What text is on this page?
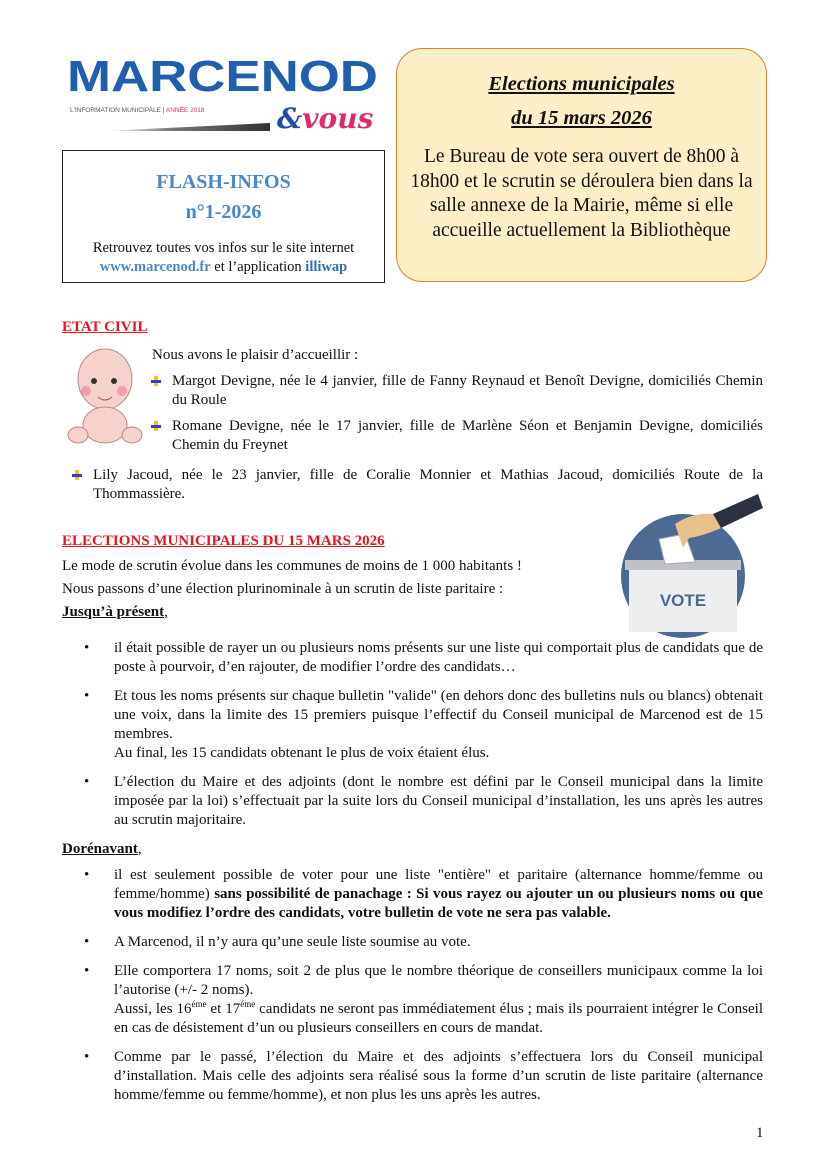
MARCENOD
L'INFORMATION MUNICIPALE | ANNÉE 2018	&vous
FLASH-INFOS
n°1-2026
Retrouvez toutes vos infos sur le site internet
www.marcenod.fr et l’application illiwap
Elections municipales
du 15 mars 2026
Le Bureau de vote sera ouvert de 8h00 à 18h00 et le scrutin se déroulera bien dans la salle annexe de la Mairie, même si elle accueille actuellement la Bibliothèque
ETAT CIVIL
Nous avons le plaisir d’accueillir :
Margot Devigne, née le 4 janvier, fille de Fanny Reynaud et Benoît Devigne, domiciliés Chemin du Roule
Romane Devigne, née le 17 janvier, fille de Marlène Séon et Benjamin Devigne, domiciliés Chemin du Freynet
Lily Jacoud, née le 23 janvier, fille de Coralie Monnier et Mathias Jacoud, domiciliés Route de la Thommassière.
VOTE

ELECTIONS MUNICIPALES DU 15 MARS 2026

Le mode de scrutin évolue dans les communes de moins de 1 000 habitants !

Nous passons d’une élection plurinominale à un scrutin de liste paritaire :

Jusqu’à présent,

• il était possible de rayer un ou plusieurs noms présents sur une liste qui comportait plus de candidats que de poste à pourvoir, d’en rajouter, de modifier l’ordre des candidats…
• Et tous les noms présents sur chaque bulletin "valide" (en dehors donc des bulletins nuls ou blancs) obtenait une voix, dans la limite des 15 premiers puisque l’effectif du Conseil municipal de Marcenod est de 15 membres.
Au final, les 15 candidats obtenant le plus de voix étaient élus.
• L’élection du Maire et des adjoints (dont le nombre est défini par le Conseil municipal dans la limite imposée par la loi) s’effectuait par la suite lors du Conseil municipal d’installation, les uns après les autres au scrutin majoritaire.

Dorénavant,

• il est seulement possible de voter pour une liste "entière" et paritaire (alternance homme/femme ou femme/homme) sans possibilité de panachage : Si vous rayez ou ajouter un ou plusieurs noms ou que vous modifiez l’ordre des candidats, votre bulletin de vote ne sera pas valable.
• A Marcenod, il n’y aura qu’une seule liste soumise au vote.
• Elle comportera 17 noms, soit 2 de plus que le nombre théorique de conseillers municipaux comme la loi l’autorise (+/- 2 noms).
Aussi, les $16^{éme}$ et $17^{éme}$ candidats ne seront pas immédiatement élus ; mais ils pourraient intégrer le Conseil en cas de désistement d’un ou plusieurs conseillers en cours de mandat.
• Comme par le passé, l’élection du Maire et des adjoints s’effectuera lors du Conseil municipal d’installation. Mais celle des adjoints sera réalisé sous la forme d’un scrutin de liste paritaire (alternance homme/femme ou femme/homme), et non plus les uns après les autres.
1
